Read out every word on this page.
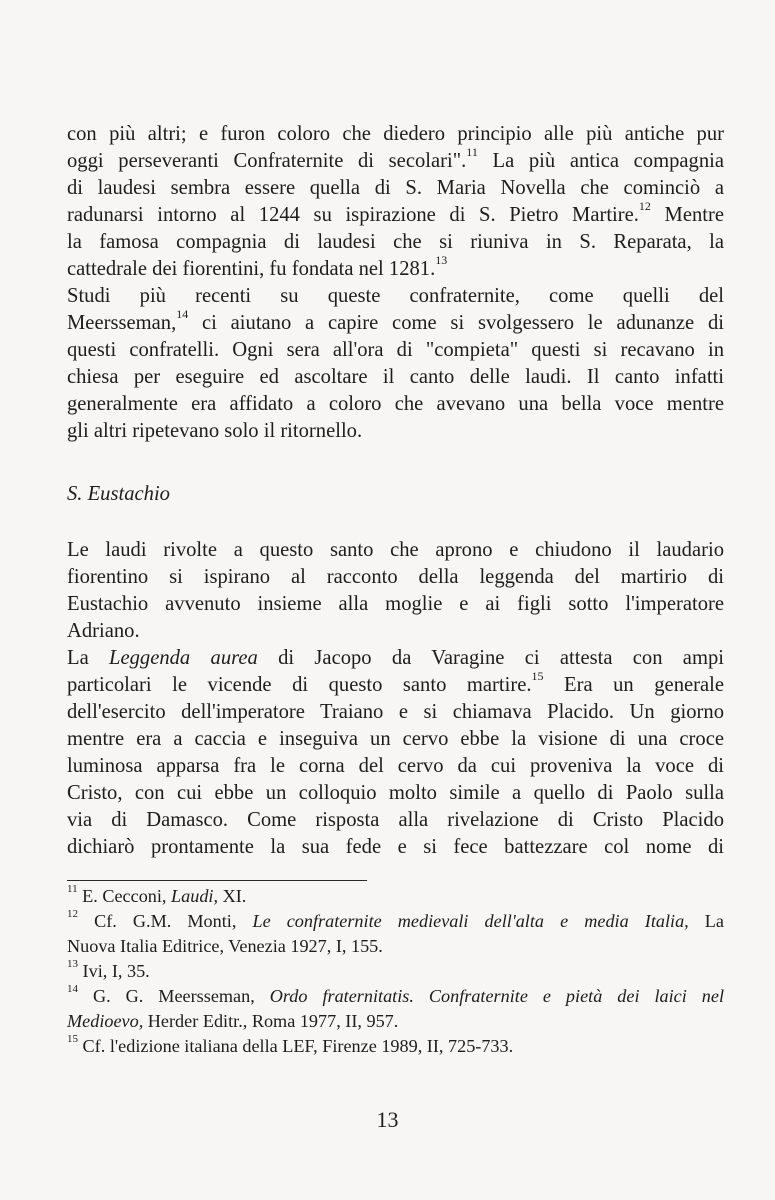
con più altri; e furon coloro che diedero principio alle più antiche pur
oggi perseveranti Confraternite di secolari".$^{11}$ La più antica compagnia
di laudesi sembra essere quella di S. Maria Novella che cominciò a
radunarsi intorno al 1244 su ispirazione di S. Pietro Martire.$^{12}$ Mentre
la famosa compagnia di laudesi che si riuniva in S. Reparata, la
cattedrale dei fiorentini, fu fondata nel 1281.13
Studi più recenti su queste confraternite, come quelli del
Meersseman,$^{14}$ ci aiutano a capire come si svolgessero le adunanze di
questi confratelli. Ogni sera all'ora di "compieta" questi si recavano in
chiesa per eseguire ed ascoltare il canto delle laudi. Il canto infatti
generalmente era affidato a coloro che avevano una bella voce mentre
gli altri ripetevano solo il ritornello.
S. Eustachio
Le laudi rivolte a questo santo che aprono e chiudono il laudario
fiorentino si ispirano al racconto della leggenda del martirio di
Eustachio avvenuto insieme alla moglie e ai figli sotto l'imperatore
Adriano.
La Leggenda aurea di Jacopo da Varagine ci attesta con ampi
particolari le vicende di questo santo martire.$^{15}$ Era un generale
dell'esercito dell'imperatore Traiano e si chiamava Placido. Un giorno
mentre era a caccia e inseguiva un cervo ebbe la visione di una croce
luminosa apparsa fra le corna del cervo da cui proveniva la voce di
Cristo, con cui ebbe un colloquio molto simile a quello di Paolo sulla
via di Damasco. Come risposta alla rivelazione di Cristo Placido
dichiarò prontamente la sua fede e si fece battezzare col nome di
$^{11}$ E. Cecconi, Laudi, XI.
$^{12}$ Cf. G.M. Monti, Le confraternite medievali dell'alta e media Italia, La
Nuova Italia Editrice, Venezia 1927, I, 155.
$^{13}$ Ivi, I, 35.
$^{14}$ G. G. Meersseman, Ordo fraternitatis. Confraternite e pietà dei laici nel
Medioevo, Herder Editr., Roma 1977, II, 957.
$^{15}$ Cf. l'edizione italiana della LEF, Firenze 1989, II, 725-733.
13
